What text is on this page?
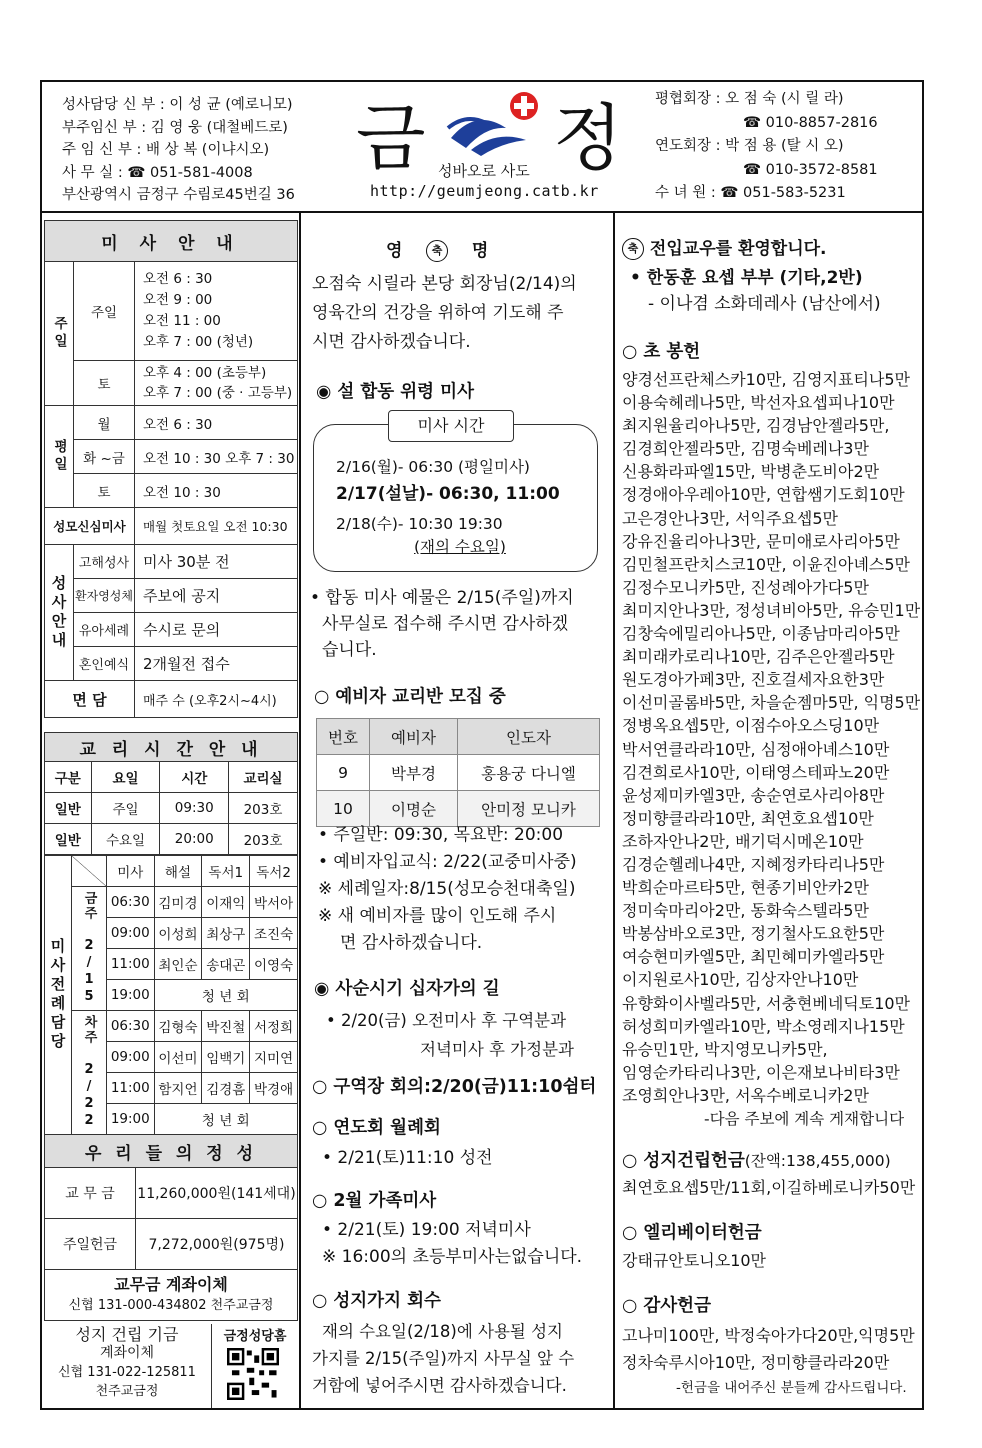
성사담당 신 부 : 이 성 균 (예로니모)
부주임신 부 : 김 영 웅 (대철베드로)
주 임 신 부 : 배 상 복 (이냐시오)
사 무 실 : ☎ 051-581-4008
부산광역시 금정구 수림로45번길 36
금 정
성바오로 사도
http://geumjeong.catb.kr
평협회장 : 오 점 숙 (시 릴 라)
☎ 010-8857-2816
연도회장 : 박 점 용 (탈 시 오)
☎ 010-3572-8581
수 녀 원 : ☎ 051-583-5231
미 사 안 내		
주일	주일	오전 6 : 30
오전 9 : 00
오전 11 : 00
오후 7 : 00 (청년)

	토	오후 4 : 00 (초등부)
오후 7 : 00 (중 · 고등부)

평일	월	오전 6 : 30
	화 ~금	오전 10 : 30 오후 7 : 30
	토	오전 10 : 30
성모신심미사		매월 첫토요일 오전 10:30
성사안내	고해성사	미사 30분 전
	환자영성체	주보에 공지
	유아세례	수시로 문의
	혼인예식	2개월전 접수
면 담		매주 수 (오후2시~4시)
교 리 시 간 안 내			
구분	요일	시간	교리실
일반	주일	09:30	203호
일반	수요일	20:00	203호
미사전례담당		미사	해설	독서1	독서2
	금주 2/15	06:30	김미경	이재익	박서아
		09:00	이성희	최상구	조진숙
		11:00	최인순	송대곤	이영숙
		19:00	청 년 회		
	차주 2/22	06:30	김형숙	박진철	서정희
		09:00	이선미	임백기	지미연
		11:00	함지언	김경흠	박경애
		19:00	청 년 회		
우 리 들 의 정 성	
교 무 금	11,260,000원(141세대)
주일헌금	7,272,000원(975명)

교무금 계좌이체
신협 131-000-434802 천주교금정	
성지 건립 기금
계좌이체
신협 131-022-125811
천주교금정
금정성당홈
영	축 명
오점숙 시릴라 본당 회장님(2/14)의
영육간의 건강을 위하여 기도해 주
시면 감사하겠습니다.
◉ 설 합동 위령 미사
미사 시간
2/16(월)- 06:30 (평일미사)
2/17(설날)- 06:30, 11:00
2/18(수)- 10:30 19:30
(재의 수요일)
• 합동 미사 예물은 2/15(주일)까지
사무실로 접수해 주시면 감사하겠
습니다.
○ 예비자 교리반 모집 중
번호	예비자	인도자
9	박부경	홍용궁 다니엘
10	이명순	안미정 모니카
• 주일반: 09:30, 목요반: 20:00
• 예비자입교식: 2/22(교중미사중)
※ 세례일자:8/15(성모승천대축일)
※ 새 예비자를 많이 인도해 주시
면 감사하겠습니다.
◉ 사순시기 십자가의 길
• 2/20(금) 오전미사 후 구역분과
저녁미사 후 가정분과
○ 구역장 회의:2/20(금)11:10쉼터
○ 연도회 월례회
• 2/21(토)11:10 성전
○ 2월 가족미사
• 2/21(토) 19:00 저녁미사
※ 16:00의 초등부미사는없습니다.
○ 성지가지 회수
재의 수요일(2/18)에 사용될 성지
가지를 2/15(주일)까지 사무실 앞 수
거함에 넣어주시면 감사하겠습니다.
축 전입교우를 환영합니다.
• 한동훈 요셉 부부 (기타,2반)
- 이나겸 소화데레사 (남산에서)
○ 초 봉헌
양경선프란체스카10만, 김영지표티나5만
이용숙헤레나5만, 박선자요셉피나10만
최지원율리아나5만, 김경남안젤라5만,
김경희안젤라5만, 김명숙베레나3만
신용화라파엘15만, 박병춘도비아2만
정경애아우레아10만, 연합쌤기도회10만
고은경안나3만, 서익주요셉5만
강유진율리아나3만, 문미애로사리아5만
김민철프란치스코10만, 이윤진아녜스5만
김정수모니카5만, 진성례아가다5만
최미지안나3만, 정성녀비아5만, 유승민1만
김창숙에밀리아나5만, 이종남마리아5만
최미래카로리나10만, 김주은안젤라5만
원도경아가페3만, 진호걸세자요한3만
이선미골롬바5만, 차을순젬마5만, 익명5만
정병옥요셉5만, 이점수아오스딩10만
박서연클라라10만, 심정애아녜스10만
김견희로사10만, 이태영스테파노20만
윤성제미카엘3만, 송순연로사리아8만
정미향클라라10만, 최연호요셉10만
조하자안나2만, 배기덕시메온10만
김경순헬레나4만, 지혜정카타리나5만
박희순마르타5만, 현종기비안카2만
정미숙마리아2만, 동화숙스텔라5만
박봉삼바오로3만, 정기철사도요한5만
여승현미카엘5만, 최민혜미카엘라5만
이지원로사10만, 김상자안나10만
유향화이사벨라5만, 서충현베네딕토10만
허성희미카엘라10만, 박소영레지나15만
유승민1만, 박지영모니카5만,
임영순카타리나3만, 이은재보나비타3만
조영희안나3만, 서옥수베로니카2만
-다음 주보에 계속 게재합니다
○ 성지건립헌금(잔액:138,455,000)
최연호요셉5만/11회,이길하베로니카50만
○ 엘리베이터헌금
강태규안토니오10만
○ 감사헌금
고나미100만, 박정숙아가다20만,익명5만
정차숙루시아10만, 정미향클라라20만
-헌금을 내어주신 분들께 감사드립니다.
